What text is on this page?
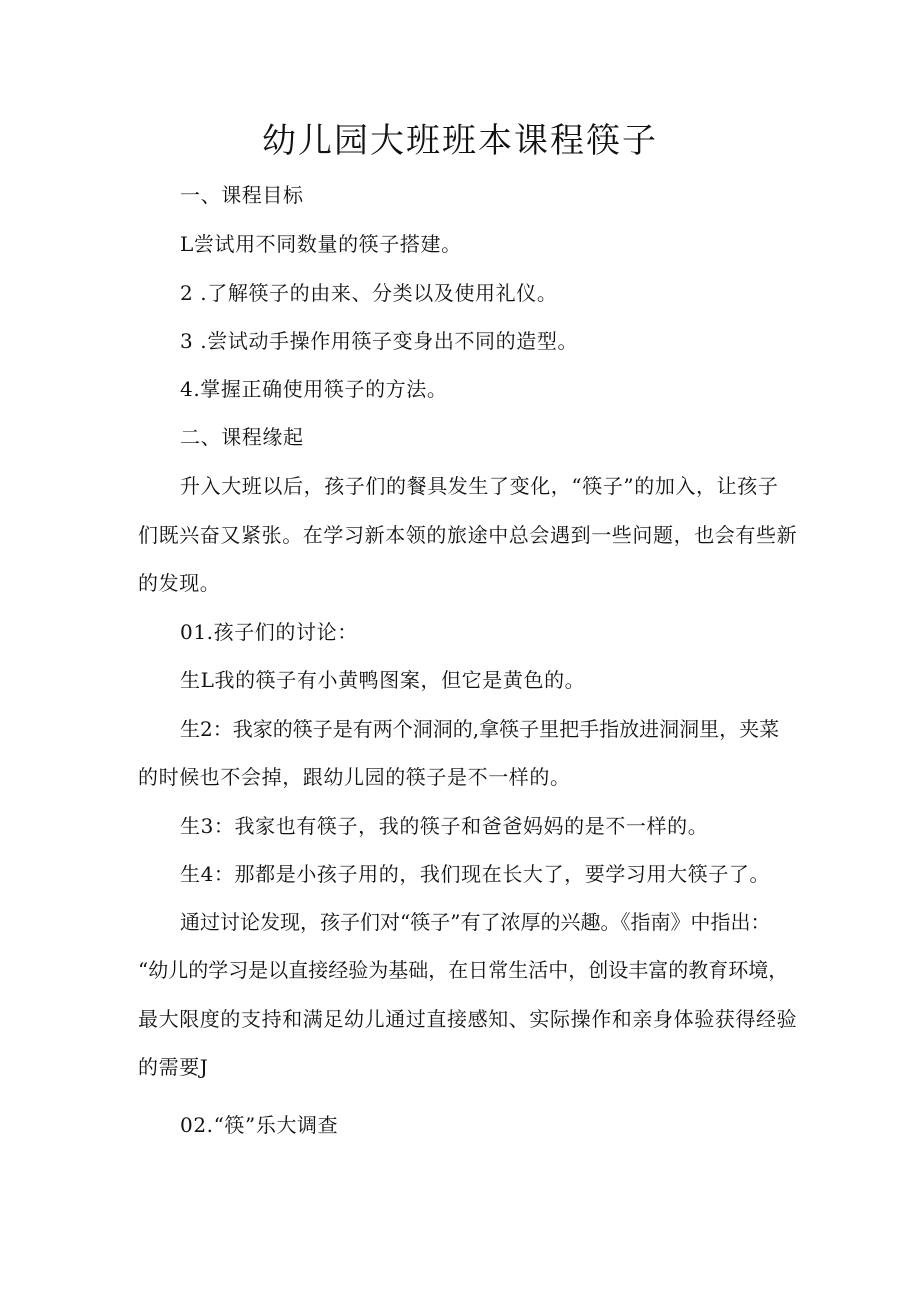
幼儿园大班班本课程筷子

一、课程目标

L尝试用不同数量的筷子搭建。

2 .了解筷子的由来、分类以及使用礼仪。

3 .尝试动手操作用筷子变身出不同的造型。

4.掌握正确使用筷子的方法。

二、课程缘起

升入大班以后，孩子们的餐具发生了变化，“筷子”的加入，让孩子

们既兴奋又紧张。在学习新本领的旅途中总会遇到一些问题，也会有些新

的发现。

01.孩子们的讨论：

生L我的筷子有小黄鸭图案，但它是黄色的。

生2：我家的筷子是有两个洞洞的,拿筷子里把手指放进洞洞里，夹菜

的时候也不会掉，跟幼儿园的筷子是不一样的。

生3：我家也有筷子，我的筷子和爸爸妈妈的是不一样的。

生4：那都是小孩子用的，我们现在长大了，要学习用大筷子了。

通过讨论发现，孩子们对“筷子”有了浓厚的兴趣。《指南》中指出：

“幼儿的学习是以直接经验为基础，在日常生活中，创设丰富的教育环境，

最大限度的支持和满足幼儿通过直接感知、实际操作和亲身体验获得经验

的需要J

02.“筷”乐大调查
